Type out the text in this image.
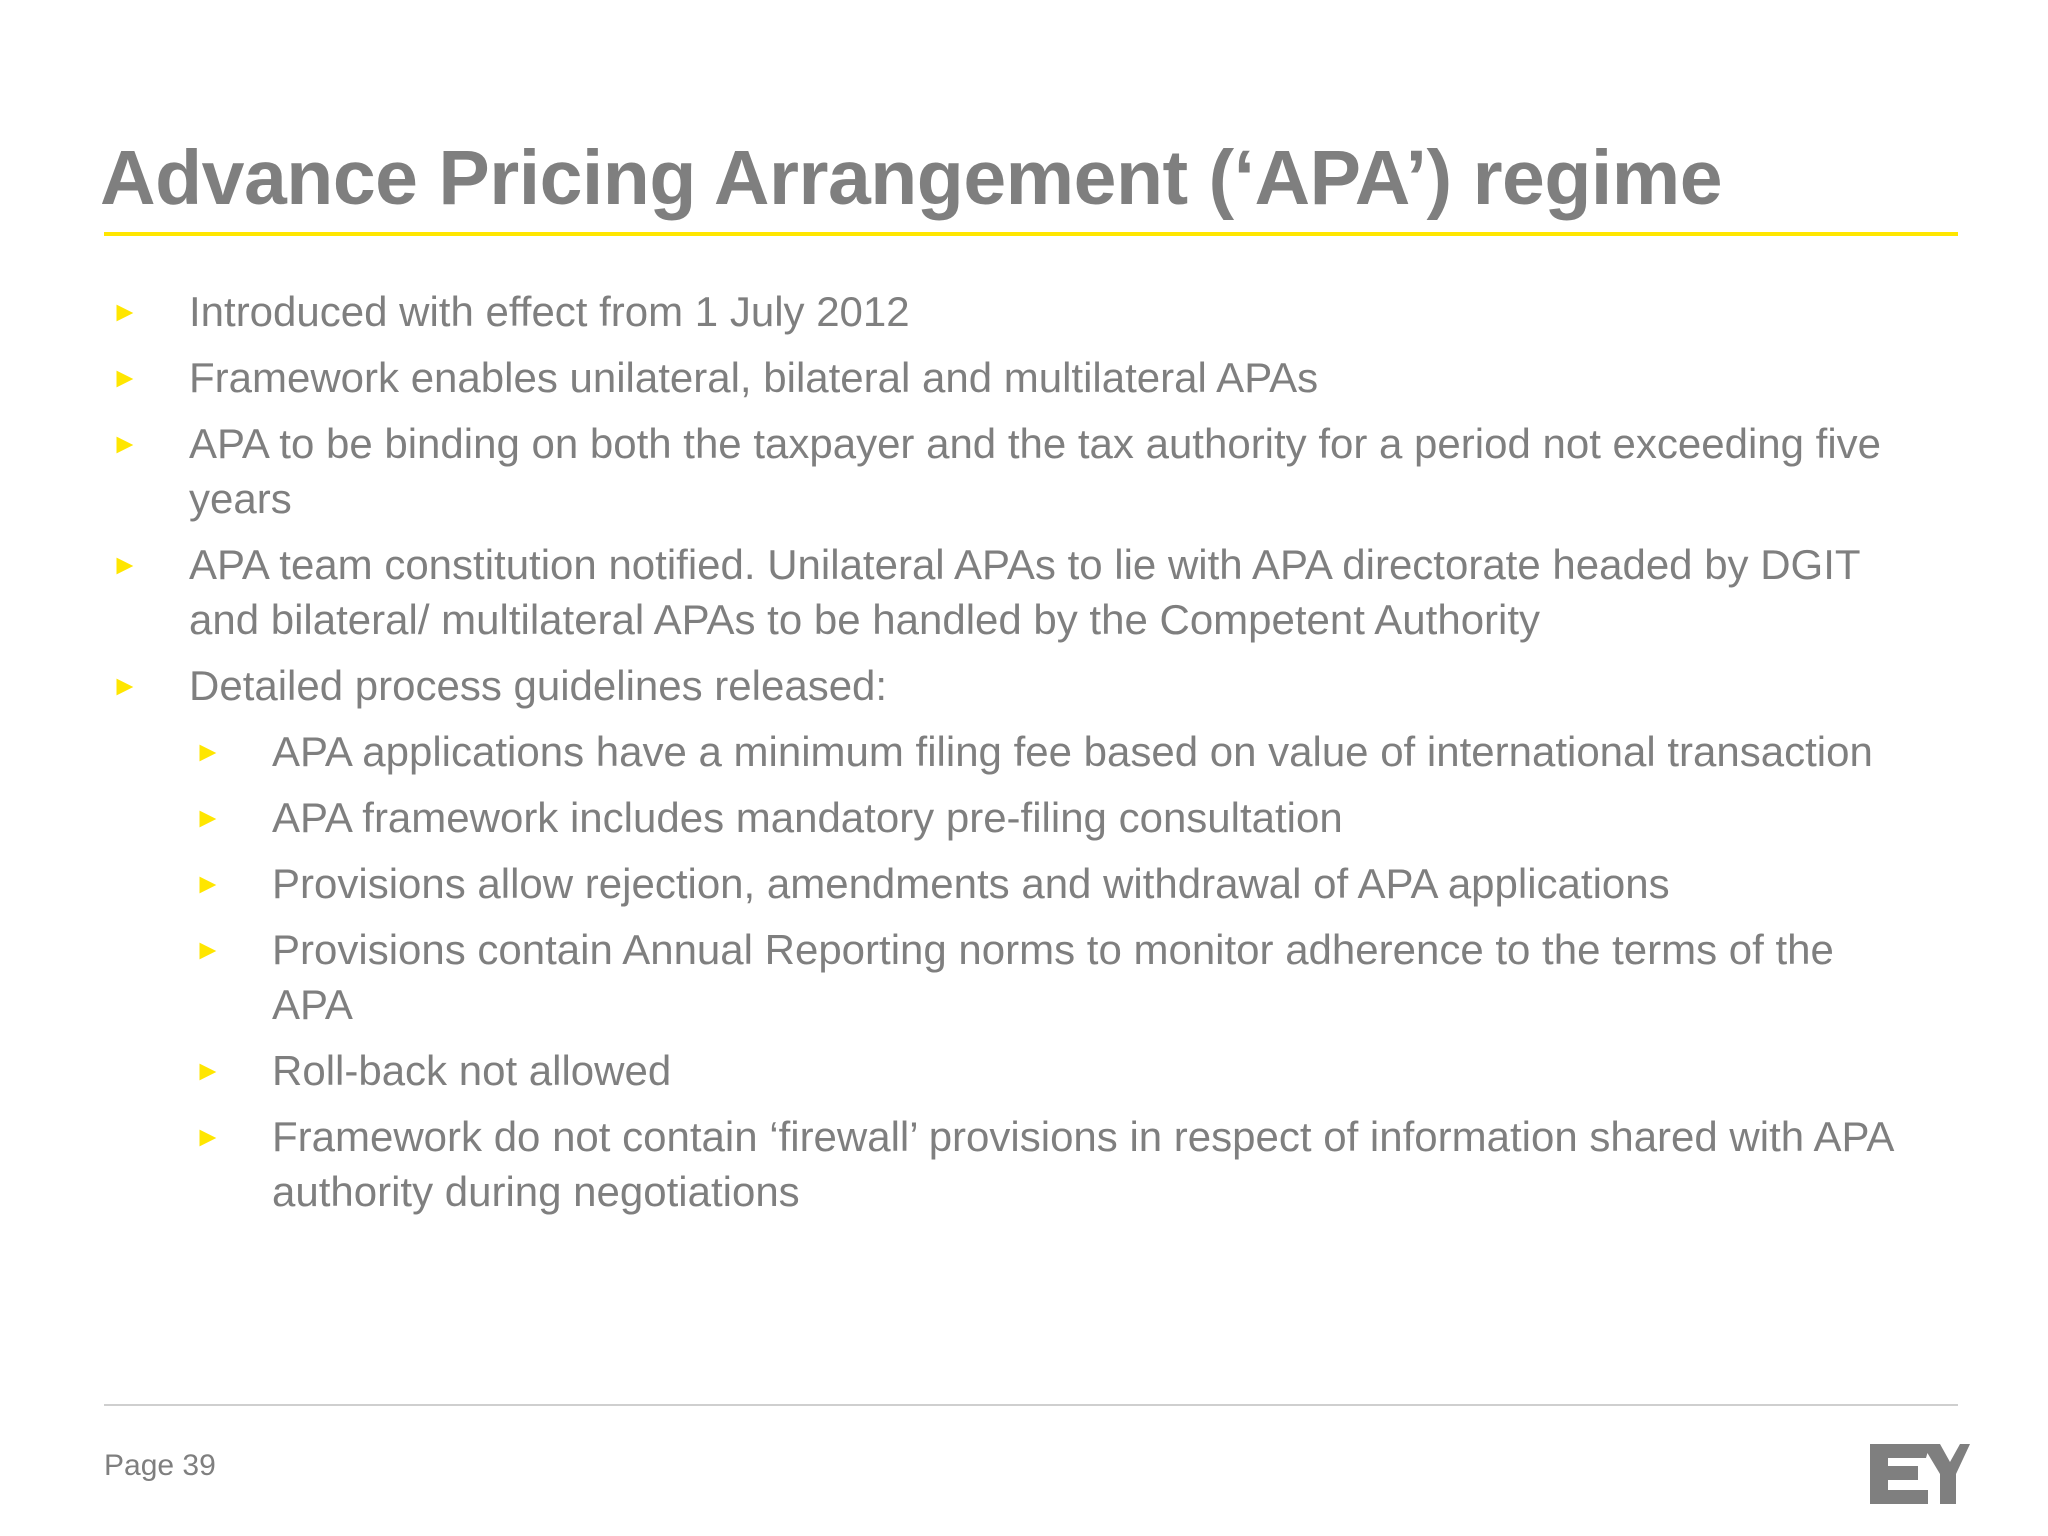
Advance Pricing Arrangement (‘APA’) regime
► Introduced with effect from 1 July 2012
► Framework enables unilateral, bilateral and multilateral APAs
► APA to be binding on both the taxpayer and the tax authority for a period not exceeding five years
► APA team constitution notified. Unilateral APAs to lie with APA directorate headed by DGIT and bilateral/ multilateral APAs to be handled by the Competent Authority
► Detailed process guidelines released:
► APA applications have a minimum filing fee based on value of international transaction
► APA framework includes mandatory pre-filing consultation
► Provisions allow rejection, amendments and withdrawal of APA applications
► Provisions contain Annual Reporting norms to monitor adherence to the terms of the APA
► Roll-back not allowed
► Framework do not contain ‘firewall’ provisions in respect of information shared with APA authority during negotiations
Page 39
